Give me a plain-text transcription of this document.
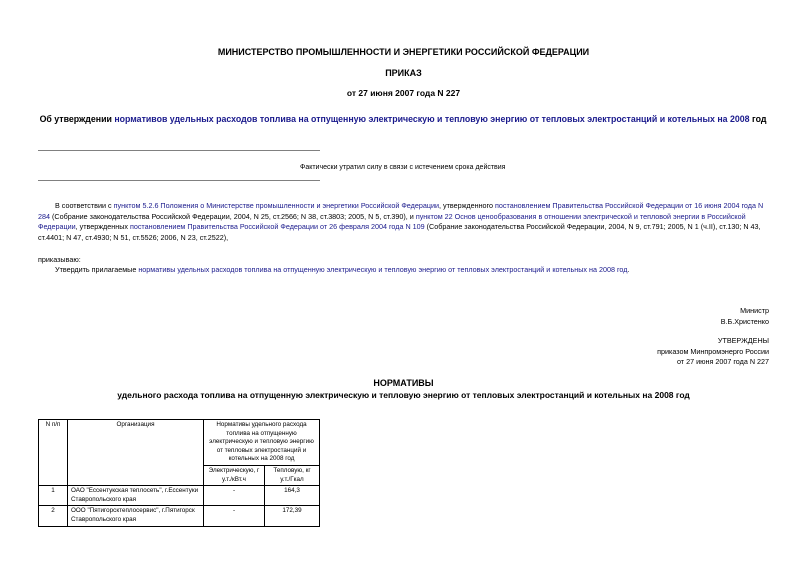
МИНИСТЕРСТВО ПРОМЫШЛЕННОСТИ И ЭНЕРГЕТИКИ РОССИЙСКОЙ ФЕДЕРАЦИИ
ПРИКАЗ
от 27 июня 2007 года N 227
Об утверждении нормативов удельных расходов топлива на отпущенную электрическую и тепловую энергию от тепловых электростанций и котельных на 2008 год
Фактически утратил силу в связи с истечением срока действия
В соответствии с пунктом 5.2.6 Положения о Министерстве промышленности и энергетики Российской Федерации, утвержденного постановлением Правительства Российской Федерации от 16 июня 2004 года N 284 (Собрание законодательства Российской Федерации, 2004, N 25, ст.2566; N 38, ст.3803; 2005, N 5, ст.390), и пунктом 22 Основ ценообразования в отношении электрической и тепловой энергии в Российской Федерации, утвержденных постановлением Правительства Российской Федерации от 26 февраля 2004 года N 109 (Собрание законодательства Российской Федерации, 2004, N 9, ст.791; 2005, N 1 (ч.II), ст.130; N 43, ст.4401; N 47, ст.4930; N 51, ст.5526; 2006, N 23, ст.2522),
приказываю:
Утвердить прилагаемые нормативы удельных расходов топлива на отпущенную электрическую и тепловую энергию от тепловых электростанций и котельных на 2008 год.
Министр
В.Б.Христенко
УТВЕРЖДЕНЫ
приказом Минпромэнерго России
от 27 июня 2007 года N 227
НОРМАТИВЫ
удельного расхода топлива на отпущенную электрическую и тепловую энергию от тепловых электростанций и котельных на 2008 год
N п/п	Организация	Нормативы удельного расхода топлива на отпущенную электрическую и тепловую энергию от тепловых электростанций и котельных на 2008 год	
		Электрическую, г у.т./кВт.ч	Тепловую, кг у.т./Гкал
1	ОАО "Ессентукская теплосеть", г.Ессентуки Ставропольского края	-	164,3
2	ООО "Пятигорсктеплосервис", г.Пятигорск Ставропольского края	-	172,39
